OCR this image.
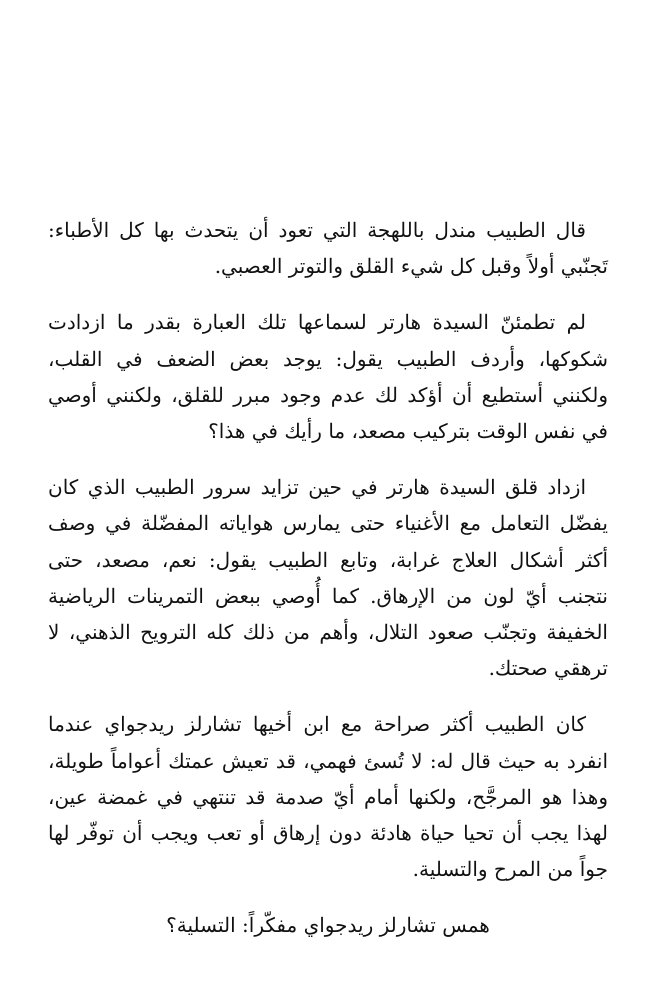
قال الطبيب مندل باللهجة التي تعود أن يتحدث بها كل الأطباء: تَجنّبي أولاً وقبل كل شيء القلق والتوتر العصبي.

لم تطمئنّ السيدة هارتر لسماعها تلك العبارة بقدر ما ازدادت شكوكها، وأردف الطبيب يقول: يوجد بعض الضعف في القلب، ولكنني أستطيع أن أؤكد لك عدم وجود مبرر للقلق، ولكنني أوصي في نفس الوقت بتركيب مصعد، ما رأيك في هذا؟

ازداد قلق السيدة هارتر في حين تزايد سرور الطبيب الذي كان يفضّل التعامل مع الأغنياء حتى يمارس هواياته المفضّلة في وصف أكثر أشكال العلاج غرابة، وتابع الطبيب يقول: نعم، مصعد، حتى نتجنب أيّ لون من الإرهاق. كما أُوصي ببعض التمرينات الرياضية الخفيفة وتجنّب صعود التلال، وأهم من ذلك كله الترويح الذهني، لا ترهقي صحتك.

كان الطبيب أكثر صراحة مع ابن أخيها تشارلز ريدجواي عندما انفرد به حيث قال له: لا تُسئ فهمي، قد تعيش عمتك أعواماً طويلة، وهذا هو المرجَّح، ولكنها أمام أيّ صدمة قد تنتهي في غمضة عين، لهذا يجب أن تحيا حياة هادئة دون إرهاق أو تعب ويجب أن توفّر لها جواً من المرح والتسلية.

همس تشارلز ريدجواي مفكّراً: التسلية؟
